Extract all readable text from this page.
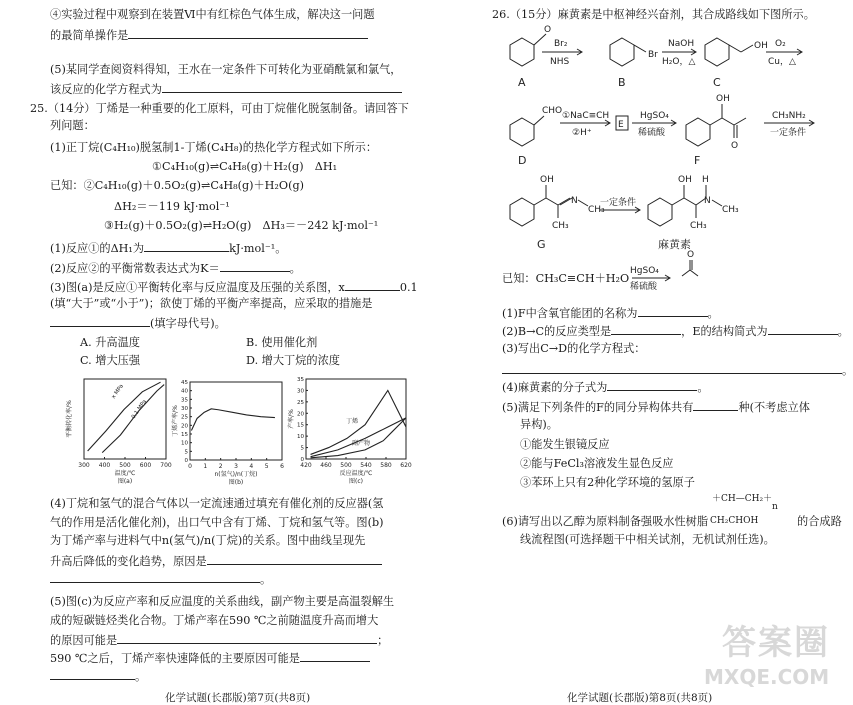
④实验过程中观察到在装置Ⅵ中有红棕色气体生成，解决这一问题
的最简单操作是
(5)某同学查阅资料得知，王水在一定条件下可转化为亚硝酰氯和氯气，
该反应的化学方程式为
25.（14分）丁烯是一种重要的化工原料，可由丁烷催化脱氢制备。请回答下
列问题：
(1)正丁烷(C₄H₁₀)脱氢制1-丁烯(C₄H₈)的热化学方程式如下所示：
①C₄H₁₀(g)⇌C₄H₈(g)＋H₂(g)　ΔH₁
已知：②C₄H₁₀(g)＋0.5O₂(g)⇌C₄H₈(g)＋H₂O(g)
ΔH₂＝－119 kJ·mol⁻¹
③H₂(g)＋0.5O₂(g)⇌H₂O(g)　ΔH₃＝－242 kJ·mol⁻¹
(1)反应①的ΔH₁为	kJ·mol⁻¹。
(2)反应②的平衡常数表达式为K＝	。
(3)图(a)是反应①平衡转化率与反应温度及压强的关系图，x	0.1
(填“大于”或“小于”)；欲使丁烯的平衡产率提高，应采取的措施是
(填字母代号)。
A. 升高温度	B. 使用催化剂
C. 增大压强	D. 增大丁烷的浓度
300 400 500 600 700
温度/℃
平衡转化率/%
图(a)
x MPa
0.1 MPa
0 1 2 3 4 5 6
0
5
10
15
20
25
30
35
40
45
n(氢气)/n(丁烷)
丁烯产率/%
图(b)
420 460 500 540 580 620
0
5
10
15
20
25
30
35
反应温度/℃
产率/%
图(c)
丁烯
副产物
(4)丁烷和氢气的混合气体以一定流速通过填充有催化剂的反应器(氢
气的作用是活化催化剂)，出口气中含有丁烯、丁烷和氢气等。图(b)
为丁烯产率与进料气中n(氢气)/n(丁烷)的关系。图中曲线呈现先
升高后降低的变化趋势，原因是
。
(5)图(c)为反应产率和反应温度的关系曲线，副产物主要是高温裂解生
成的短碳链烃类化合物。丁烯产率在590 ℃之前随温度升高而增大
的原因可能是	；
590 ℃之后，丁烯产率快速降低的主要原因可能是
。
化学试题(长郡版)第7页(共8页)
26.（15分）麻黄素是中枢神经兴奋剂，其合成路线如下图所示。
O
Br₂
NHS
Br
NaOH
H₂O，△
OH O₂
Cu，△
CHO ①NaC≡CH
②H⁺
E
HgSO₄
稀硫酸
OH
O
CH₃NH₂
一定条件
OH
N
CH₃
一定条件
OH H
N
CH₃
CH₃
CH₃
HgSO₄
稀硫酸
O
A	B	C
D	F
G	麻黄素
已知：CH₃C≡CH＋H₂O
(1)F中含氧官能团的名称为	。
(2)B→C的反应类型是	，E的结构简式为	。
(3)写出C→D的化学方程式：
。
(4)麻黄素的分子式为	。
(5)满足下列条件的F的同分异构体共有	种(不考虑立体
异构)。
①能发生银镜反应
②能与FeCl₃溶液发生显色反应
③苯环上只有2种化学环境的氢原子
(6)请写出以乙醇为原料制备强吸水性树脂
＋CH—CH₂＋
CH₂CHOH
n
的合成路
线流程图(可选择题干中相关试剂，无机试剂任选)。
化学试题(长郡版)第8页(共8页)
答案圈
MXQE.COM
